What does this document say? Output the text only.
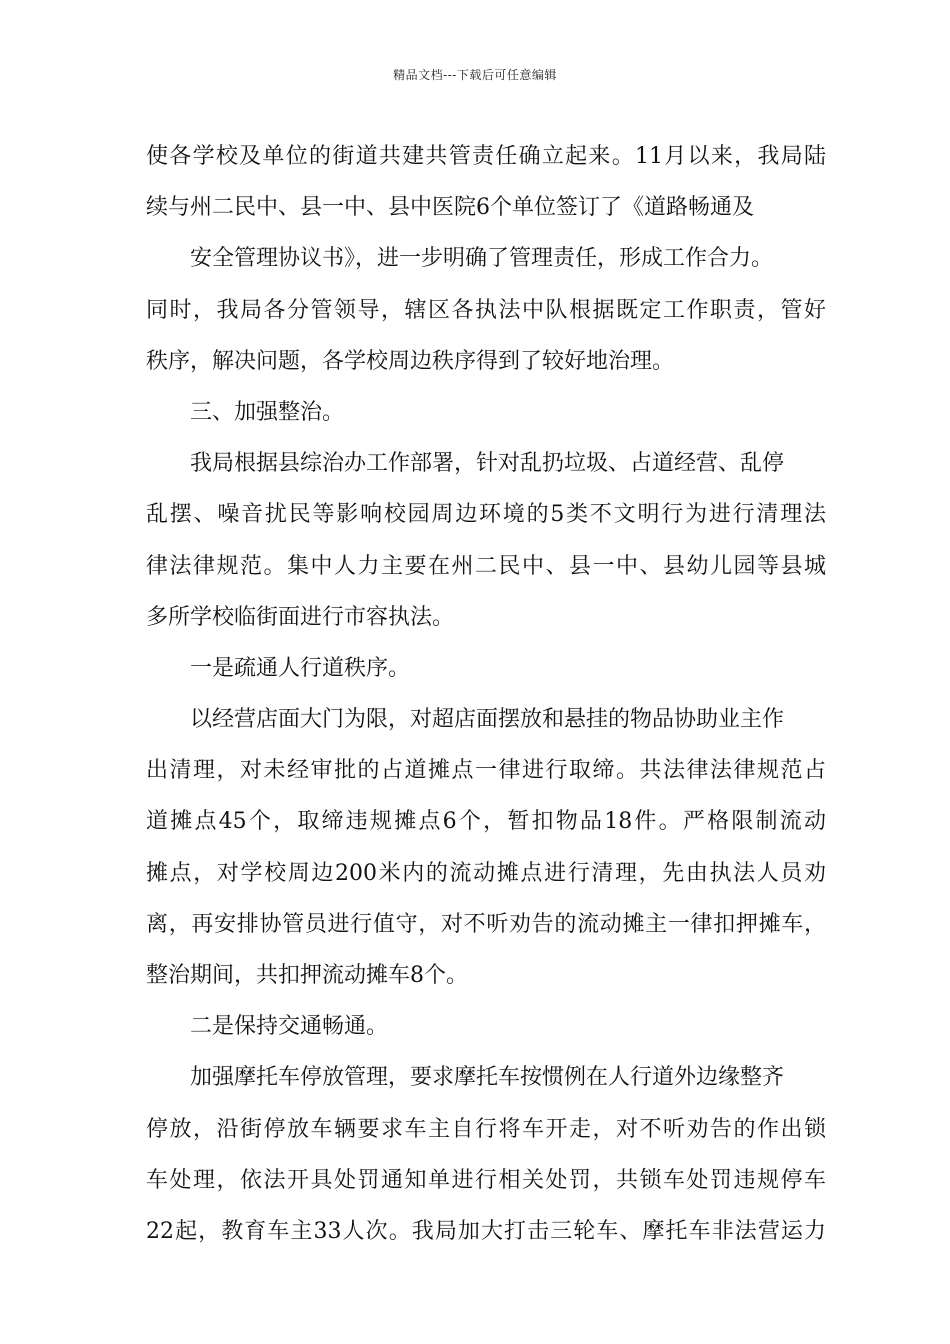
精品文档---下载后可任意编辑
使各学校及单位的街道共建共管责任确立起来。11月以来，我局陆
续与州二民中、县一中、县中医院6个单位签订了《道路畅通及
安全管理协议书》，进一步明确了管理责任，形成工作合力。
同时，我局各分管领导，辖区各执法中队根据既定工作职责，管好
秩序，解决问题，各学校周边秩序得到了较好地治理。
三、加强整治。
我局根据县综治办工作部署，针对乱扔垃圾、占道经营、乱停
乱摆、噪音扰民等影响校园周边环境的5类不文明行为进行清理法
律法律规范。集中人力主要在州二民中、县一中、县幼儿园等县城
多所学校临街面进行市容执法。
一是疏通人行道秩序。
以经营店面大门为限，对超店面摆放和悬挂的物品协助业主作
出清理，对未经审批的占道摊点一律进行取缔。共法律法律规范占
道摊点45个，取缔违规摊点6个，暂扣物品18件。严格限制流动
摊点，对学校周边200米内的流动摊点进行清理，先由执法人员劝
离，再安排协管员进行值守，对不听劝告的流动摊主一律扣押摊车，
整治期间，共扣押流动摊车8个。
二是保持交通畅通。
加强摩托车停放管理，要求摩托车按惯例在人行道外边缘整齐
停放，沿街停放车辆要求车主自行将车开走，对不听劝告的作出锁
车处理，依法开具处罚通知单进行相关处罚，共锁车处罚违规停车
22起，教育车主33人次。我局加大打击三轮车、摩托车非法营运力
